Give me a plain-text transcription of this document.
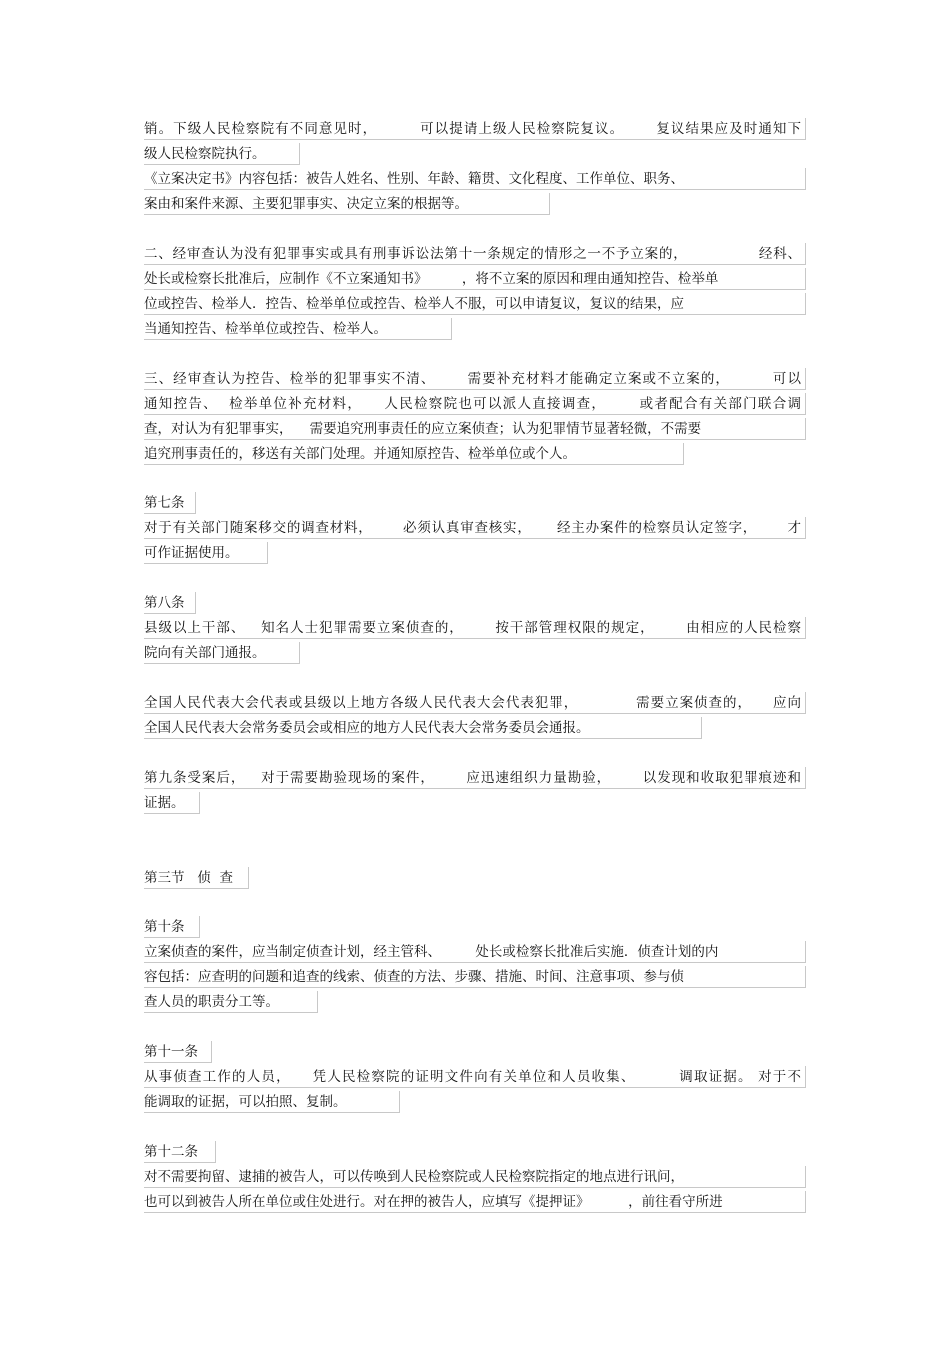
销。下级人民检察院有不同意见时，        可以提请上级人民检察院复议。      复议结果应及时通知下
级人民检察院执行。
《立案决定书》内容包括：被告人姓名、性别、年龄、籍贯、文化程度、工作单位、职务、
案由和案件来源、主要犯罪事实、决定立案的根据等。
二、经审查认为没有犯罪事实或具有刑事诉讼法第十一条规定的情形之一不予立案的，              经科、
处长或检察长批准后，应制作《不立案通知书》        ，将不立案的原因和理由通知控告、检举单
位或控告、检举人．控告、检举单位或控告、检举人不服，可以申请复议，复议的结果，应
当通知控告、检举单位或控告、检举人。
三、经审查认为控告、检举的犯罪事实不清、      需要补充材料才能确定立案或不立案的，        可以
通知控告、  检举单位补充材料，    人民检察院也可以派人直接调查，      或者配合有关部门联合调
查，对认为有犯罪事实，    需要追究刑事责任的应立案侦查；认为犯罪情节显著轻微，不需要
追究刑事责任的，移送有关部门处理。并通知原控告、检举单位或个人。
第七条
对于有关部门随案移交的调查材料，      必须认真审查核实，     经主办案件的检察员认定签字，      才
可作证据使用。
第八条
县级以上干部、   知名人士犯罪需要立案侦查的，      按干部管理权限的规定，      由相应的人民检察
院向有关部门通报。
全国人民代表大会代表或县级以上地方各级人民代表大会代表犯罪，           需要立案侦查的，    应向
全国人民代表大会常务委员会或相应的地方人民代表大会常务委员会通报。
第九条受案后，   对于需要勘验现场的案件，      应迅速组织力量勘验，      以发现和收取犯罪痕迹和
证据。
第三节   侦  查
第十条
立案侦查的案件，应当制定侦查计划，经主管科、        处长或检察长批准后实施．侦查计划的内
容包括：应查明的问题和追查的线索、侦查的方法、步骤、措施、时间、注意事项、参与侦
查人员的职责分工等。
第十一条
从事侦查工作的人员，    凭人民检察院的证明文件向有关单位和人员收集、        调取证据。 对于不
能调取的证据，可以拍照、复制。
第十二条
对不需要拘留、逮捕的被告人，可以传唤到人民检察院或人民检察院指定的地点进行讯问，
也可以到被告人所在单位或住处进行。对在押的被告人，应填写《提押证》         ，前往看守所进
